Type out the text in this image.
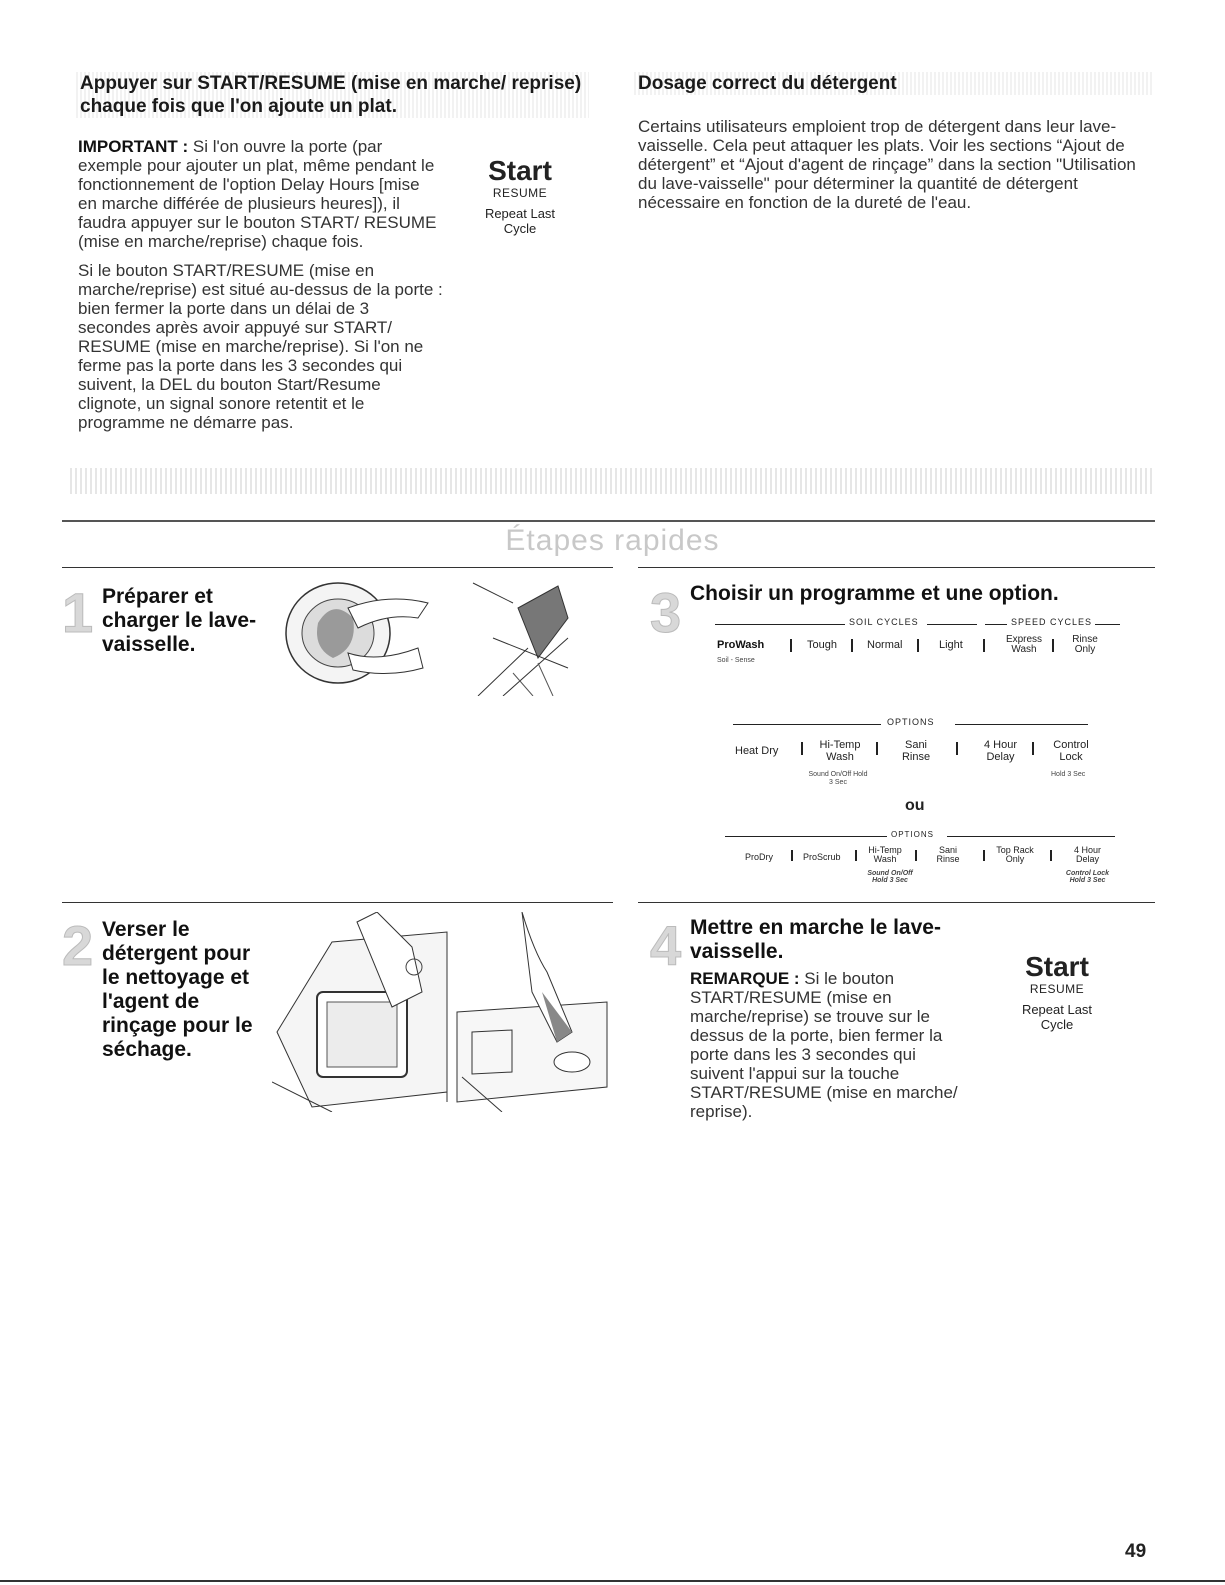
Appuyer sur START/RESUME (mise en marche/ reprise) chaque fois que l'on ajoute un plat.

IMPORTANT : Si l'on ouvre la porte (par exemple pour ajouter un plat, même pendant le fonctionnement de l'option Delay Hours [mise en marche différée de plusieurs heures]), il faudra appuyer sur le bouton START/ RESUME (mise en marche/reprise) chaque fois.

Si le bouton START/RESUME (mise en marche/reprise) est situé au-dessus de la porte : bien fermer la porte dans un délai de 3 secondes après avoir appuyé sur START/ RESUME (mise en marche/reprise). Si l'on ne ferme pas la porte dans les 3 secondes qui suivent, la DEL du bouton Start/Resume clignote, un signal sonore retentit et le programme ne démarre pas.

Start
RESUME
Repeat Last
Cycle
Dosage correct du détergent
Certains utilisateurs emploient trop de détergent dans leur lave-vaisselle. Cela peut attaquer les plats. Voir les sections “Ajout de détergent” et “Ajout d'agent de rinçage” dans la section "Utilisation du lave-vaisselle" pour déterminer la quantité de détergent nécessaire en fonction de la dureté de l'eau.
Étapes rapides
1 Préparer et charger le lave-vaisselle.
3 Choisir un programme et une option.
SOIL CYCLES	SPEED CYCLES
ProWash
Soil - Sense
Tough	Normal	Light	Express Wash
Rinse Only
OPTIONS
Heat Dry	Hi-Temp Wash
Sani Rinse
4 Hour Delay
Control Lock
Sound On/Off Hold 3 Sec
Hold 3 Sec
ou
OPTIONS
ProDry	ProScrub
Hi-Temp Wash
Sani Rinse
Top Rack Only
4 Hour Delay
Sound On/Off Hold 3 Sec
Control Lock Hold 3 Sec
2 Verser le détergent pour le nettoyage et l'agent de rinçage pour le séchage.
4 Mettre en marche le lave-vaisselle.
REMARQUE : Si le bouton START/RESUME (mise en marche/reprise) se trouve sur le dessus de la porte, bien fermer la porte dans les 3 secondes qui suivent l'appui sur la touche START/RESUME (mise en marche/ reprise).
Start
RESUME
Repeat Last
Cycle
49
